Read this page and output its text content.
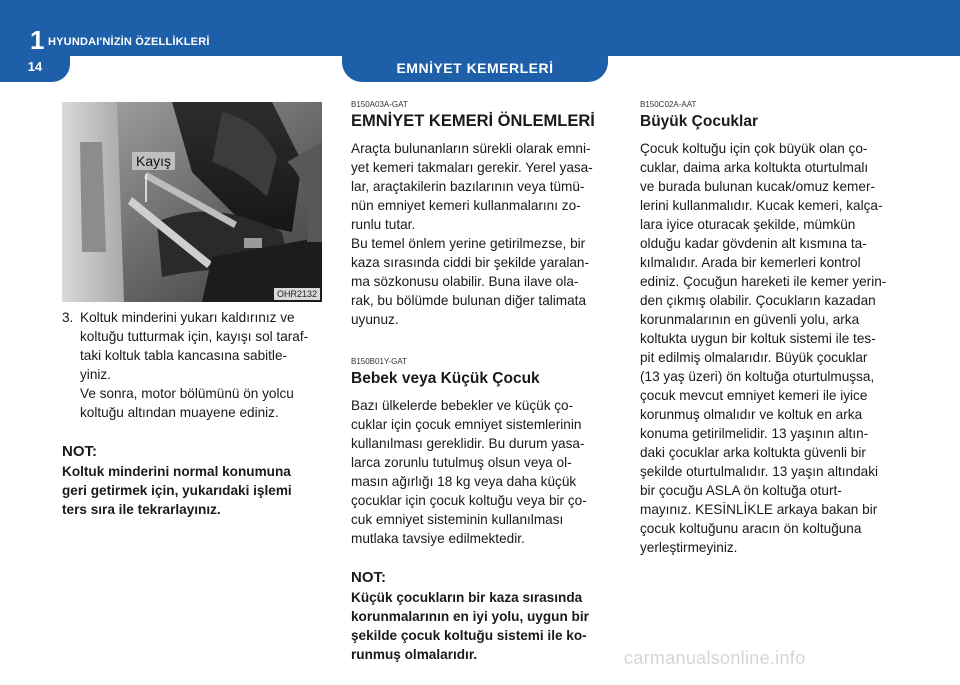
1 HYUNDAI'NİZİN ÖZELLİKLERİ
14	EMNİYET KEMERLERİ
Kayış
OHR2132
3. Koltuk minderini yukarı kaldırınız ve
koltuğu tutturmak için, kayışı sol taraf-
taki koltuk tabla kancasına sabitle-
yiniz.
Ve sonra, motor bölümünü ön yolcu
koltuğu altından muayene ediniz.
NOT:
Koltuk minderini normal konumuna
geri getirmek için, yukarıdaki işlemi
ters sıra ile tekrarlayınız.
B150A03A-GAT
EMNİYET KEMERİ ÖNLEMLERİ
Araçta bulunanların sürekli olarak emni-
yet kemeri takmaları gerekir. Yerel yasa-
lar, araçtakilerin bazılarının veya tümü-
nün emniyet kemeri kullanmalarını zo-
runlu tutar.
Bu temel önlem yerine getirilmezse, bir
kaza sırasında ciddi bir şekilde yaralan-
ma sözkonusu olabilir. Buna ilave ola-
rak, bu bölümde bulunan diğer talimata
uyunuz.
B150B01Y-GAT
Bebek veya Küçük Çocuk
Bazı ülkelerde bebekler ve küçük ço-
cuklar için çocuk emniyet sistemlerinin
kullanılması gereklidir. Bu durum yasa-
larca zorunlu tutulmuş olsun veya ol-
masın ağırlığı 18 kg veya daha küçük
çocuklar için çocuk koltuğu veya bir ço-
cuk emniyet sisteminin kullanılması
mutlaka tavsiye edilmektedir.
NOT:
Küçük çocukların bir kaza sırasında
korunmalarının en iyi yolu, uygun bir
şekilde çocuk koltuğu sistemi ile ko-
runmuş olmalarıdır.
B150C02A-AAT
Büyük Çocuklar
Çocuk koltuğu için çok büyük olan ço-
cuklar, daima arka koltukta oturtulmalı
ve burada bulunan kucak/omuz kemer-
lerini kullanmalıdır. Kucak kemeri, kalça-
lara iyice oturacak şekilde, mümkün
olduğu kadar gövdenin alt kısmına ta-
kılmalıdır. Arada bir kemerleri kontrol
ediniz. Çocuğun hareketi ile kemer yerin-
den çıkmış olabilir. Çocukların kazadan
korunmalarının en güvenli yolu, arka
koltukta uygun bir koltuk sistemi ile tes-
pit edilmiş olmalarıdır. Büyük çocuklar
(13 yaş üzeri) ön koltuğa oturtulmuşsa,
çocuk mevcut emniyet kemeri ile iyice
korunmuş olmalıdır ve koltuk en arka
konuma getirilmelidir. 13 yaşının altın-
daki çocuklar arka koltukta güvenli bir
şekilde oturtulmalıdır. 13 yaşın altındaki
bir çocuğu ASLA ön koltuğa oturt-
mayınız. KESİNLİKLE arkaya bakan bir
çocuk koltuğunu aracın ön koltuğuna
yerleştirmeyiniz.
carmanualsonline.info
